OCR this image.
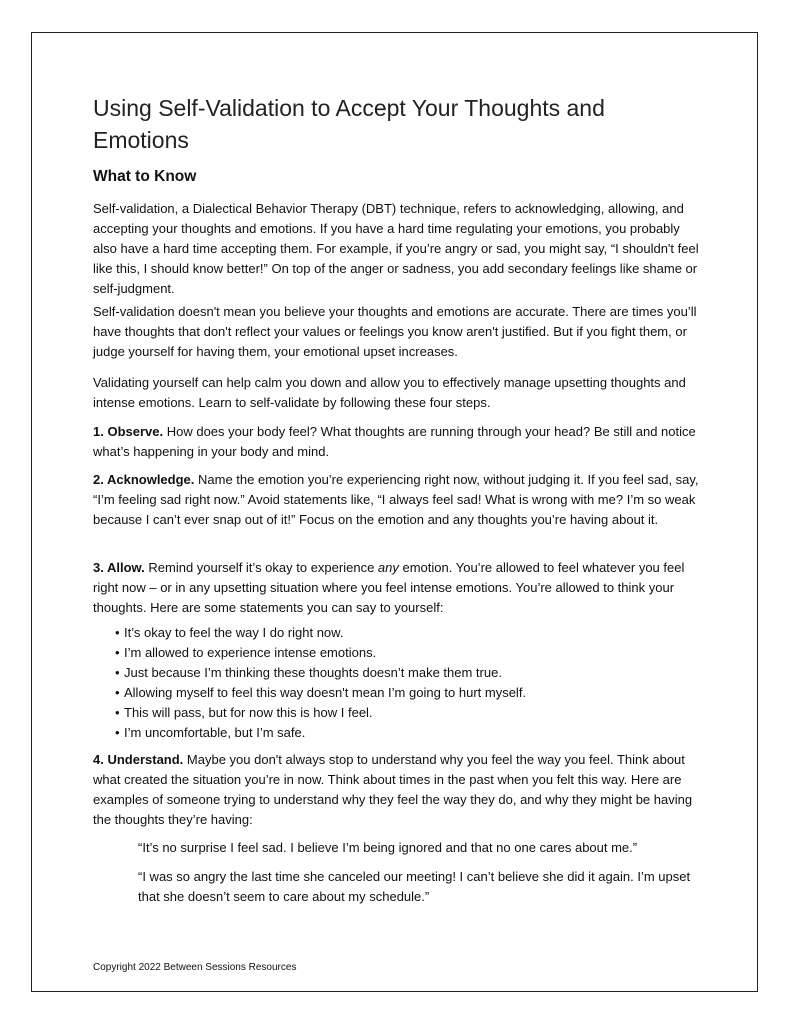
Using Self-Validation to Accept Your Thoughts and Emotions
What to Know

Self-validation, a Dialectical Behavior Therapy (DBT) technique, refers to acknowledging, allowing, and accepting your thoughts and emotions. If you have a hard time regulating your emotions, you probably also have a hard time accepting them. For example, if you’re angry or sad, you might say, “I shouldn't feel like this, I should know better!” On top of the anger or sadness, you add secondary feelings like shame or self-judgment.

Self-validation doesn't mean you believe your thoughts and emotions are accurate. There are times you’ll have thoughts that don't reflect your values or feelings you know aren't justified. But if you fight them, or judge yourself for having them, your emotional upset increases.

Validating yourself can help calm you down and allow you to effectively manage upsetting thoughts and intense emotions. Learn to self-validate by following these four steps.

1. Observe. How does your body feel? What thoughts are running through your head? Be still and notice what’s happening in your body and mind.

2. Acknowledge. Name the emotion you’re experiencing right now, without judging it. If you feel sad, say, “I’m feeling sad right now.” Avoid statements like, “I always feel sad! What is wrong with me? I’m so weak because I can’t ever snap out of it!” Focus on the emotion and any thoughts you’re having about it.

3. Allow. Remind yourself it’s okay to experience any emotion. You’re allowed to feel whatever you feel right now – or in any upsetting situation where you feel intense emotions. You’re allowed to think your thoughts. Here are some statements you can say to yourself:

• It’s okay to feel the way I do right now.
• I’m allowed to experience intense emotions.
• Just because I’m thinking these thoughts doesn’t make them true.
• Allowing myself to feel this way doesn't mean I’m going to hurt myself.
• This will pass, but for now this is how I feel.
• I’m uncomfortable, but I’m safe.

4. Understand. Maybe you don't always stop to understand why you feel the way you feel. Think about what created the situation you’re in now. Think about times in the past when you felt this way. Here are examples of someone trying to understand why they feel the way they do, and why they might be having the thoughts they’re having:

“It’s no surprise I feel sad. I believe I’m being ignored and that no one cares about me.”

“I was so angry the last time she canceled our meeting! I can’t believe she did it again. I’m upset that she doesn’t seem to care about my schedule.”

Copyright 2022 Between Sessions Resources
